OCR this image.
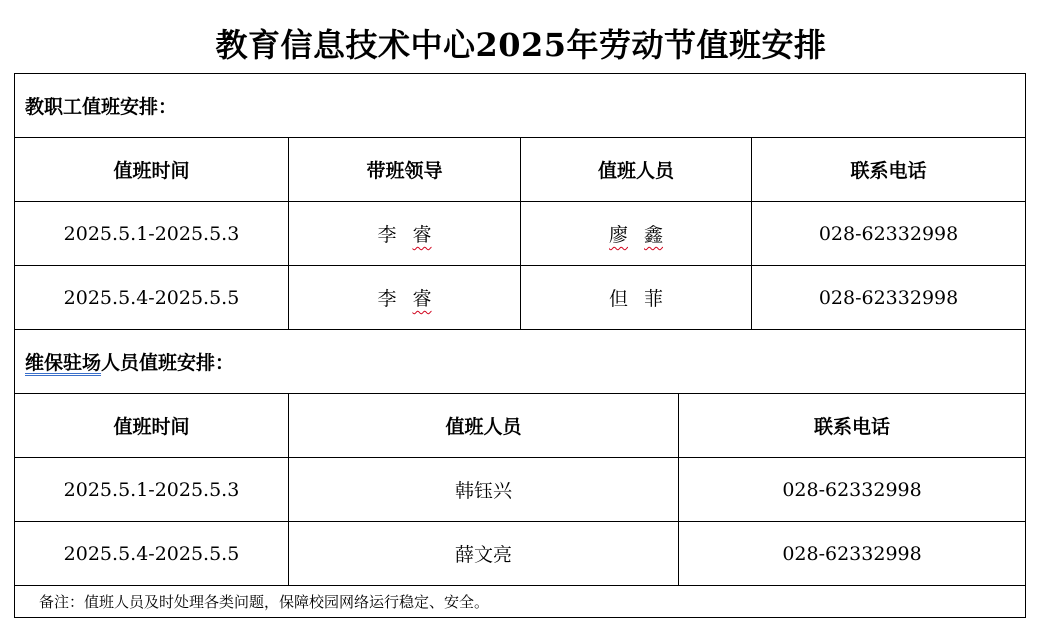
教育信息技术中心2025年劳动节值班安排
教职工值班安排：				
值班时间	带班领导	值班人员		联系电话
2025.5.1-2025.5.3	李 睿	廖 鑫		028-62332998
2025.5.4-2025.5.5	李 睿	但 菲		028-62332998
维保驻场人员值班安排：				
值班时间	值班人员		联系电话	
2025.5.1-2025.5.3	韩钰兴		028-62332998	
2025.5.4-2025.5.5	薛文亮		028-62332998	
备注：值班人员及时处理各类问题，保障校园网络运行稳定、安全。				
